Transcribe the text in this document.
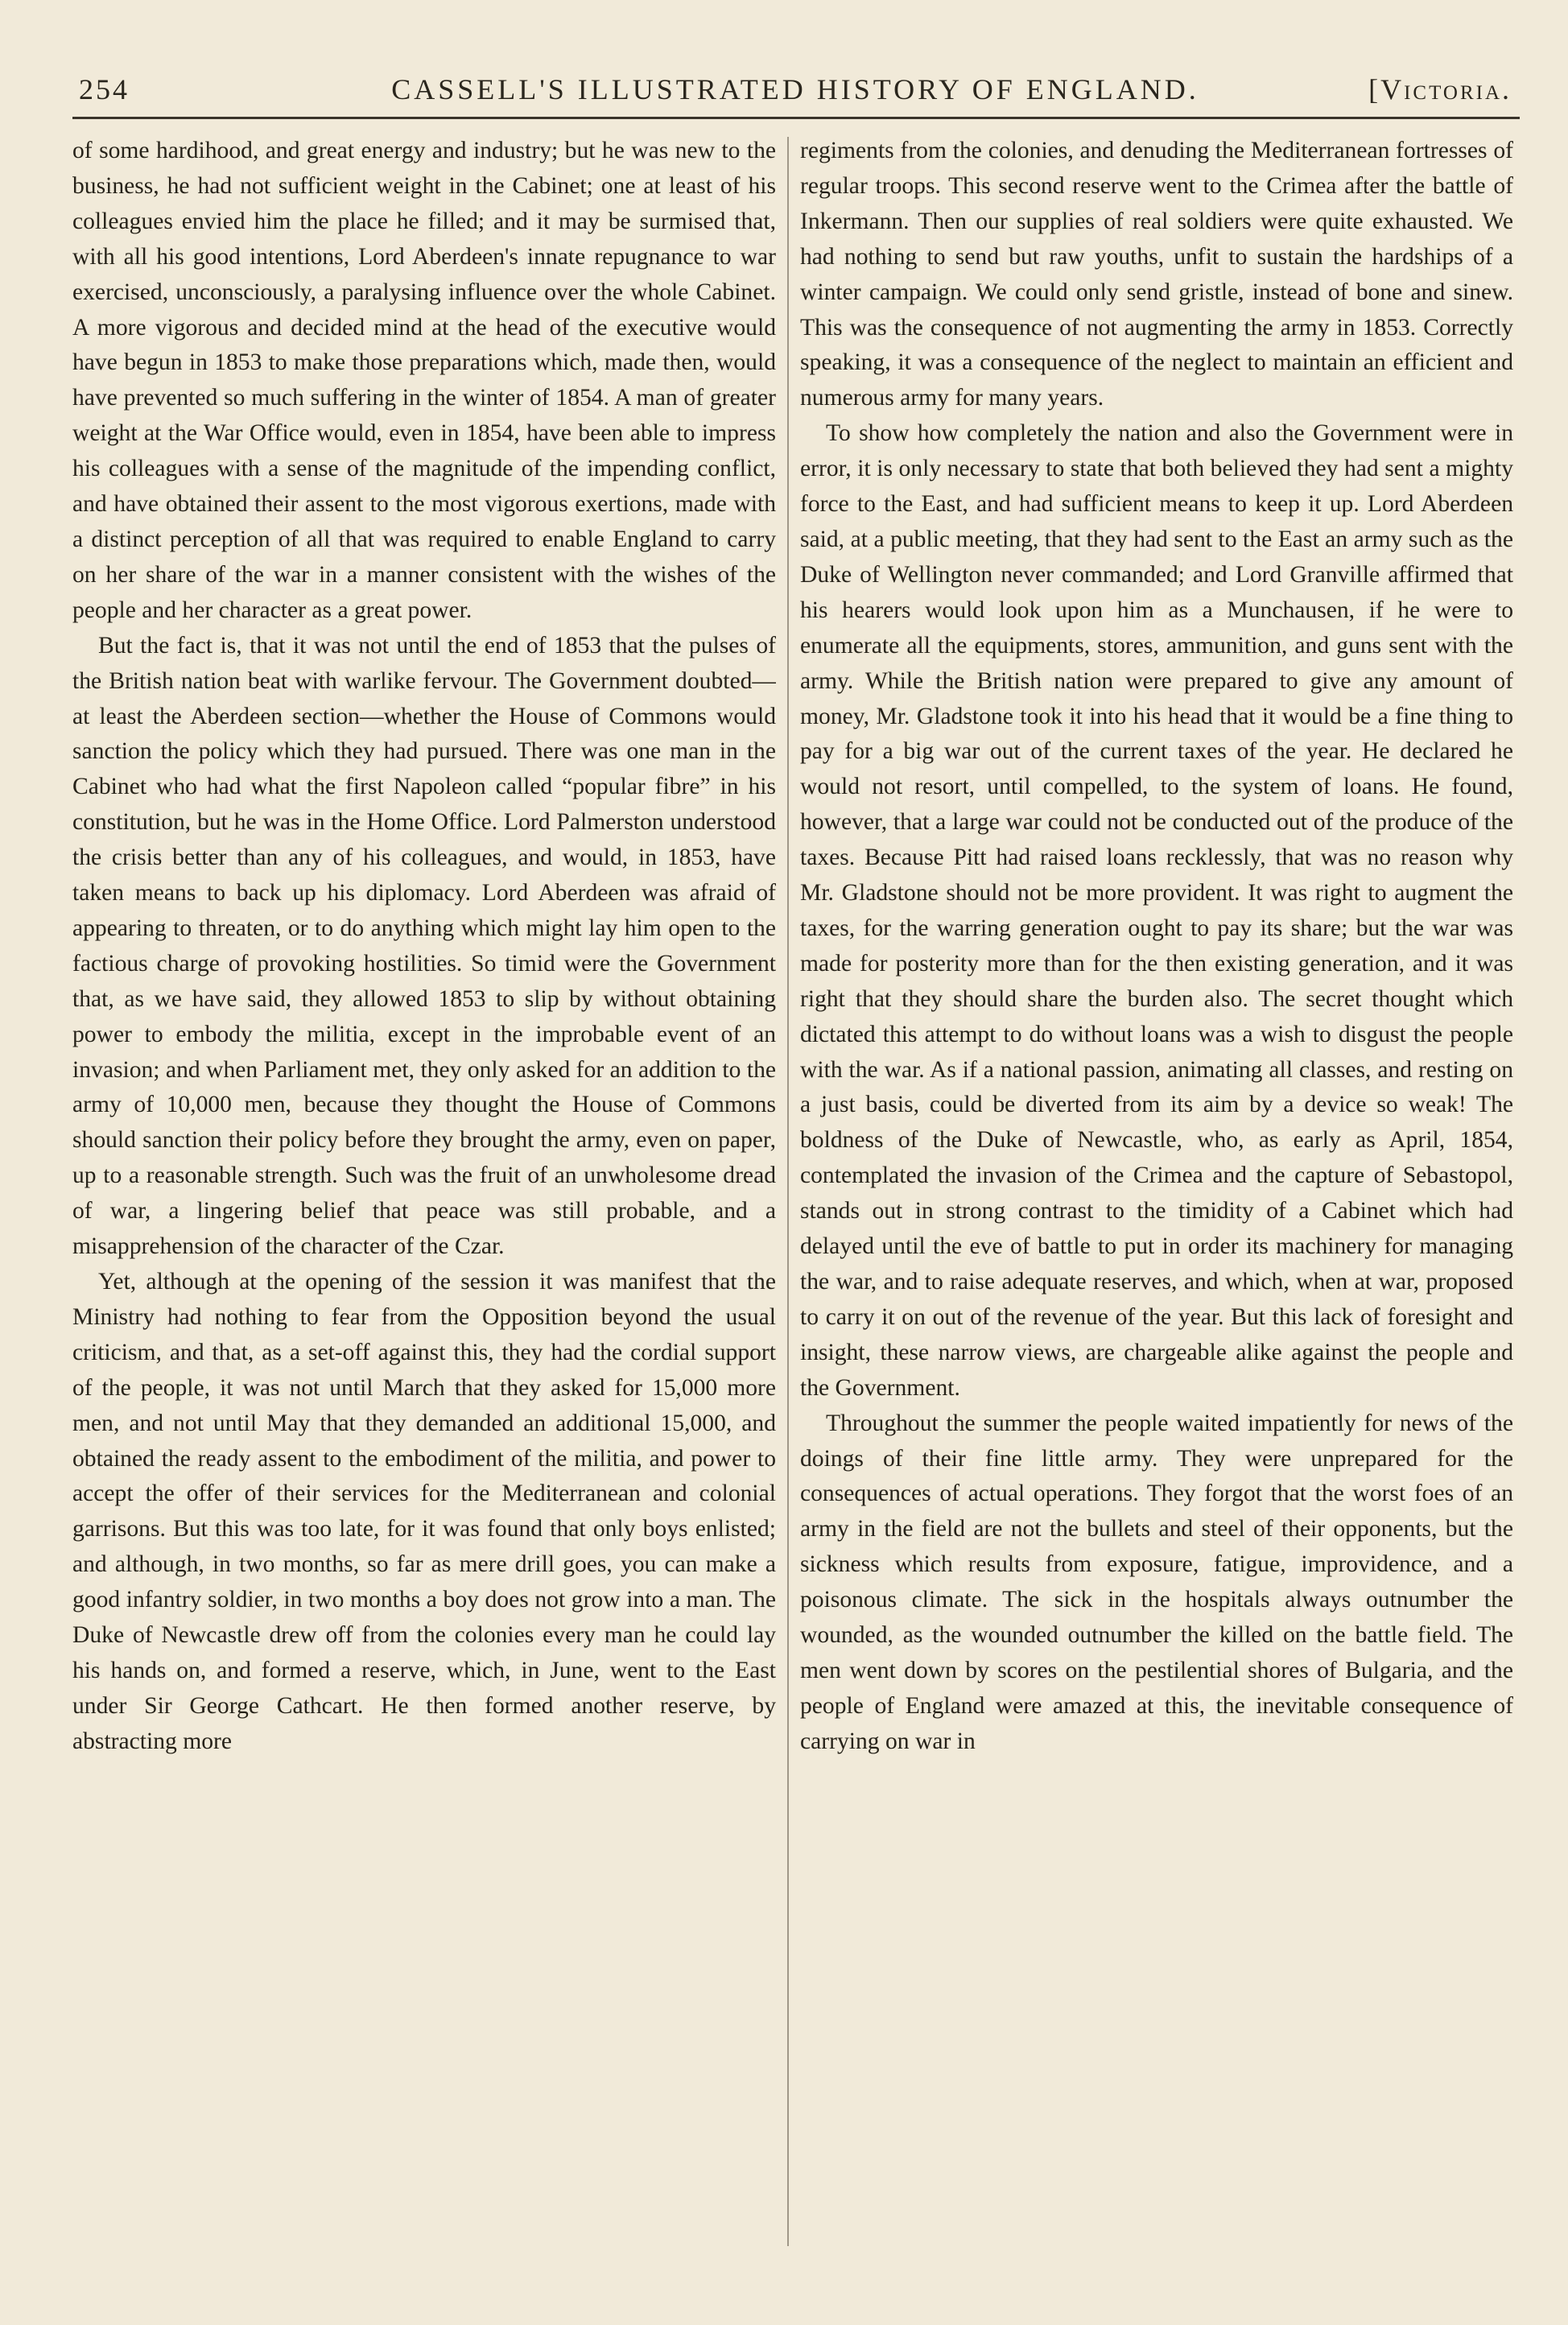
254	CASSELL'S ILLUSTRATED HISTORY OF ENGLAND.	[Victoria.

of some hardihood, and great energy and industry; but he was new to the business, he had not sufficient weight in the Cabinet; one at least of his colleagues envied him the place he filled; and it may be surmised that, with all his good intentions, Lord Aberdeen's innate repugnance to war exercised, unconsciously, a paralysing influence over the whole Cabinet. A more vigorous and decided mind at the head of the executive would have begun in 1853 to make those preparations which, made then, would have prevented so much suffering in the winter of 1854. A man of greater weight at the War Office would, even in 1854, have been able to impress his colleagues with a sense of the magnitude of the impending conflict, and have obtained their assent to the most vigorous exertions, made with a distinct perception of all that was required to enable England to carry on her share of the war in a manner consistent with the wishes of the people and her character as a great power.

But the fact is, that it was not until the end of 1853 that the pulses of the British nation beat with warlike fervour. The Government doubted—at least the Aberdeen section—whether the House of Commons would sanction the policy which they had pursued. There was one man in the Cabinet who had what the first Napoleon called “popular fibre” in his constitution, but he was in the Home Office. Lord Palmerston understood the crisis better than any of his colleagues, and would, in 1853, have taken means to back up his diplomacy. Lord Aberdeen was afraid of appearing to threaten, or to do anything which might lay him open to the factious charge of provoking hostilities. So timid were the Government that, as we have said, they allowed 1853 to slip by without obtaining power to embody the militia, except in the improbable event of an invasion; and when Parliament met, they only asked for an addition to the army of 10,000 men, because they thought the House of Commons should sanction their policy before they brought the army, even on paper, up to a reasonable strength. Such was the fruit of an unwholesome dread of war, a lingering belief that peace was still probable, and a misapprehension of the character of the Czar.

Yet, although at the opening of the session it was manifest that the Ministry had nothing to fear from the Opposition beyond the usual criticism, and that, as a set-off against this, they had the cordial support of the people, it was not until March that they asked for 15,000 more men, and not until May that they demanded an additional 15,000, and obtained the ready assent to the embodiment of the militia, and power to accept the offer of their services for the Mediterranean and colonial garrisons. But this was too late, for it was found that only boys enlisted; and although, in two months, so far as mere drill goes, you can make a good infantry soldier, in two months a boy does not grow into a man. The Duke of Newcastle drew off from the colonies every man he could lay his hands on, and formed a reserve, which, in June, went to the East under Sir George Cathcart. He then formed another reserve, by abstracting more

regiments from the colonies, and denuding the Mediterranean fortresses of regular troops. This second reserve went to the Crimea after the battle of Inkermann. Then our supplies of real soldiers were quite exhausted. We had nothing to send but raw youths, unfit to sustain the hardships of a winter campaign. We could only send gristle, instead of bone and sinew. This was the consequence of not augmenting the army in 1853. Correctly speaking, it was a consequence of the neglect to maintain an efficient and numerous army for many years.

To show how completely the nation and also the Government were in error, it is only necessary to state that both believed they had sent a mighty force to the East, and had sufficient means to keep it up. Lord Aberdeen said, at a public meeting, that they had sent to the East an army such as the Duke of Wellington never commanded; and Lord Granville affirmed that his hearers would look upon him as a Munchausen, if he were to enumerate all the equipments, stores, ammunition, and guns sent with the army. While the British nation were prepared to give any amount of money, Mr. Gladstone took it into his head that it would be a fine thing to pay for a big war out of the current taxes of the year. He declared he would not resort, until compelled, to the system of loans. He found, however, that a large war could not be conducted out of the produce of the taxes. Because Pitt had raised loans recklessly, that was no reason why Mr. Gladstone should not be more provident. It was right to augment the taxes, for the warring generation ought to pay its share; but the war was made for posterity more than for the then existing generation, and it was right that they should share the burden also. The secret thought which dictated this attempt to do without loans was a wish to disgust the people with the war. As if a national passion, animating all classes, and resting on a just basis, could be diverted from its aim by a device so weak! The boldness of the Duke of Newcastle, who, as early as April, 1854, contemplated the invasion of the Crimea and the capture of Sebastopol, stands out in strong contrast to the timidity of a Cabinet which had delayed until the eve of battle to put in order its machinery for managing the war, and to raise adequate reserves, and which, when at war, proposed to carry it on out of the revenue of the year. But this lack of foresight and insight, these narrow views, are chargeable alike against the people and the Government.

Throughout the summer the people waited impatiently for news of the doings of their fine little army. They were unprepared for the consequences of actual operations. They forgot that the worst foes of an army in the field are not the bullets and steel of their opponents, but the sickness which results from exposure, fatigue, improvidence, and a poisonous climate. The sick in the hospitals always outnumber the wounded, as the wounded outnumber the killed on the battle field. The men went down by scores on the pestilential shores of Bulgaria, and the people of England were amazed at this, the inevitable consequence of carrying on war in
